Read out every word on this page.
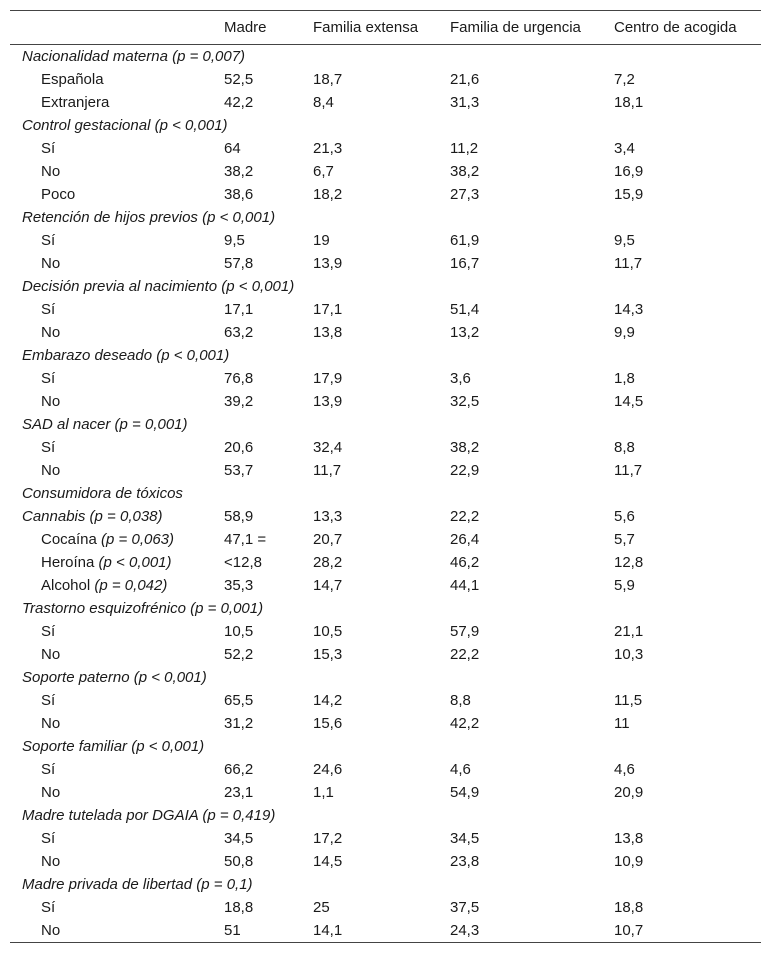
	Madre	Familia extensa	Familia de urgencia	Centro de acogida
Nacionalidad materna (p = 0,007)				
Española	52,5	18,7	21,6	7,2
Extranjera	42,2	8,4	31,3	18,1
Control gestacional (p < 0,001)				
Sí	64	21,3	11,2	3,4
No	38,2	6,7	38,2	16,9
Poco	38,6	18,2	27,3	15,9
Retención de hijos previos (p < 0,001)				
Sí	9,5	19	61,9	9,5
No	57,8	13,9	16,7	11,7
Decisión previa al nacimiento (p < 0,001)				
Sí	17,1	17,1	51,4	14,3
No	63,2	13,8	13,2	9,9
Embarazo deseado (p < 0,001)				
Sí	76,8	17,9	3,6	1,8
No	39,2	13,9	32,5	14,5
SAD al nacer (p = 0,001)				
Sí	20,6	32,4	38,2	8,8
No	53,7	11,7	22,9	11,7
Consumidora de tóxicos				
Cannabis (p = 0,038)	58,9	13,3	22,2	5,6
Cocaína (p = 0,063)	47,1 =	20,7	26,4	5,7
Heroína (p < 0,001)	<12,8	28,2	46,2	12,8
Alcohol (p = 0,042)	35,3	14,7	44,1	5,9
Trastorno esquizofrénico (p = 0,001)				
Sí	10,5	10,5	57,9	21,1
No	52,2	15,3	22,2	10,3
Soporte paterno (p < 0,001)				
Sí	65,5	14,2	8,8	11,5
No	31,2	15,6	42,2	11
Soporte familiar (p < 0,001)				
Sí	66,2	24,6	4,6	4,6
No	23,1	1,1	54,9	20,9
Madre tutelada por DGAIA (p = 0,419)				
Sí	34,5	17,2	34,5	13,8
No	50,8	14,5	23,8	10,9
Madre privada de libertad (p = 0,1)				
Sí	18,8	25	37,5	18,8
No	51	14,1	24,3	10,7
